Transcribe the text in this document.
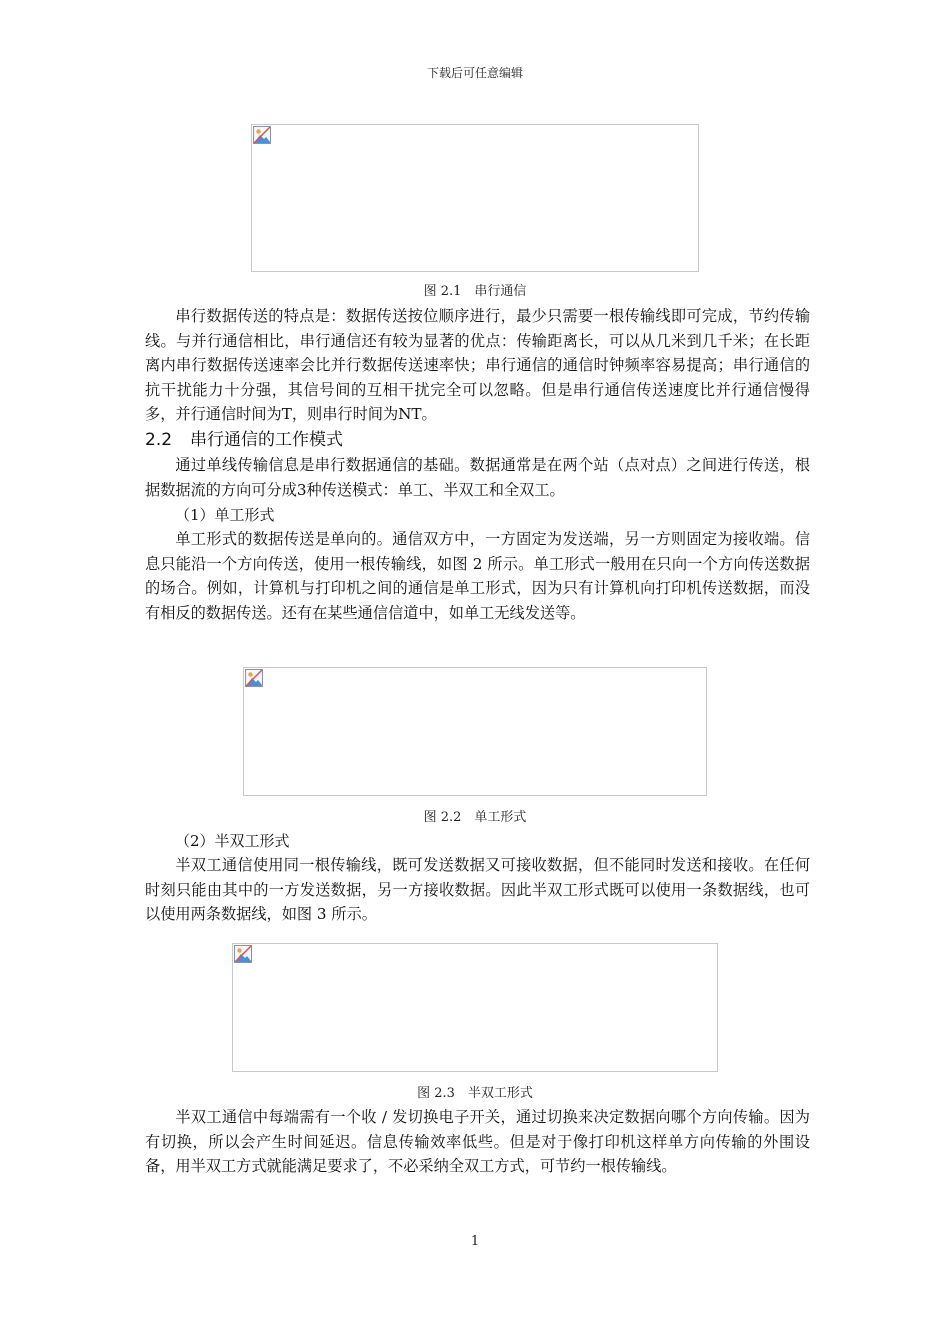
下载后可任意编辑
图 2.1　串行通信

串行数据传送的特点是：数据传送按位顺序进行，最少只需要一根传输线即可完成，节约传输线。与并行通信相比，串行通信还有较为显著的优点：传输距离长，可以从几米到几千米；在长距离内串行数据传送速率会比并行数据传送速率快；串行通信的通信时钟频率容易提高；串行通信的抗干扰能力十分强，其信号间的互相干扰完全可以忽略。但是串行通信传送速度比并行通信慢得多，并行通信时间为T，则串行时间为NT。

2.2 串行通信的工作模式

通过单线传输信息是串行数据通信的基础。数据通常是在两个站（点对点）之间进行传送，根据数据流的方向可分成3种传送模式：单工、半双工和全双工。

（1）单工形式

单工形式的数据传送是单向的。通信双方中，一方固定为发送端，另一方则固定为接收端。信息只能沿一个方向传送，使用一根传输线，如图 2 所示。单工形式一般用在只向一个方向传送数据的场合。例如，计算机与打印机之间的通信是单工形式，因为只有计算机向打印机传送数据，而没有相反的数据传送。还有在某些通信信道中，如单工无线发送等。

图 2.2　单工形式

（2）半双工形式

半双工通信使用同一根传输线，既可发送数据又可接收数据，但不能同时发送和接收。在任何时刻只能由其中的一方发送数据，另一方接收数据。因此半双工形式既可以使用一条数据线，也可以使用两条数据线，如图 3 所示。

图 2.3　半双工形式

半双工通信中每端需有一个收 / 发切换电子开关，通过切换来决定数据向哪个方向传输。因为有切换，所以会产生时间延迟。信息传输效率低些。但是对于像打印机这样单方向传输的外围设备，用半双工方式就能满足要求了，不必采纳全双工方式，可节约一根传输线。

1
